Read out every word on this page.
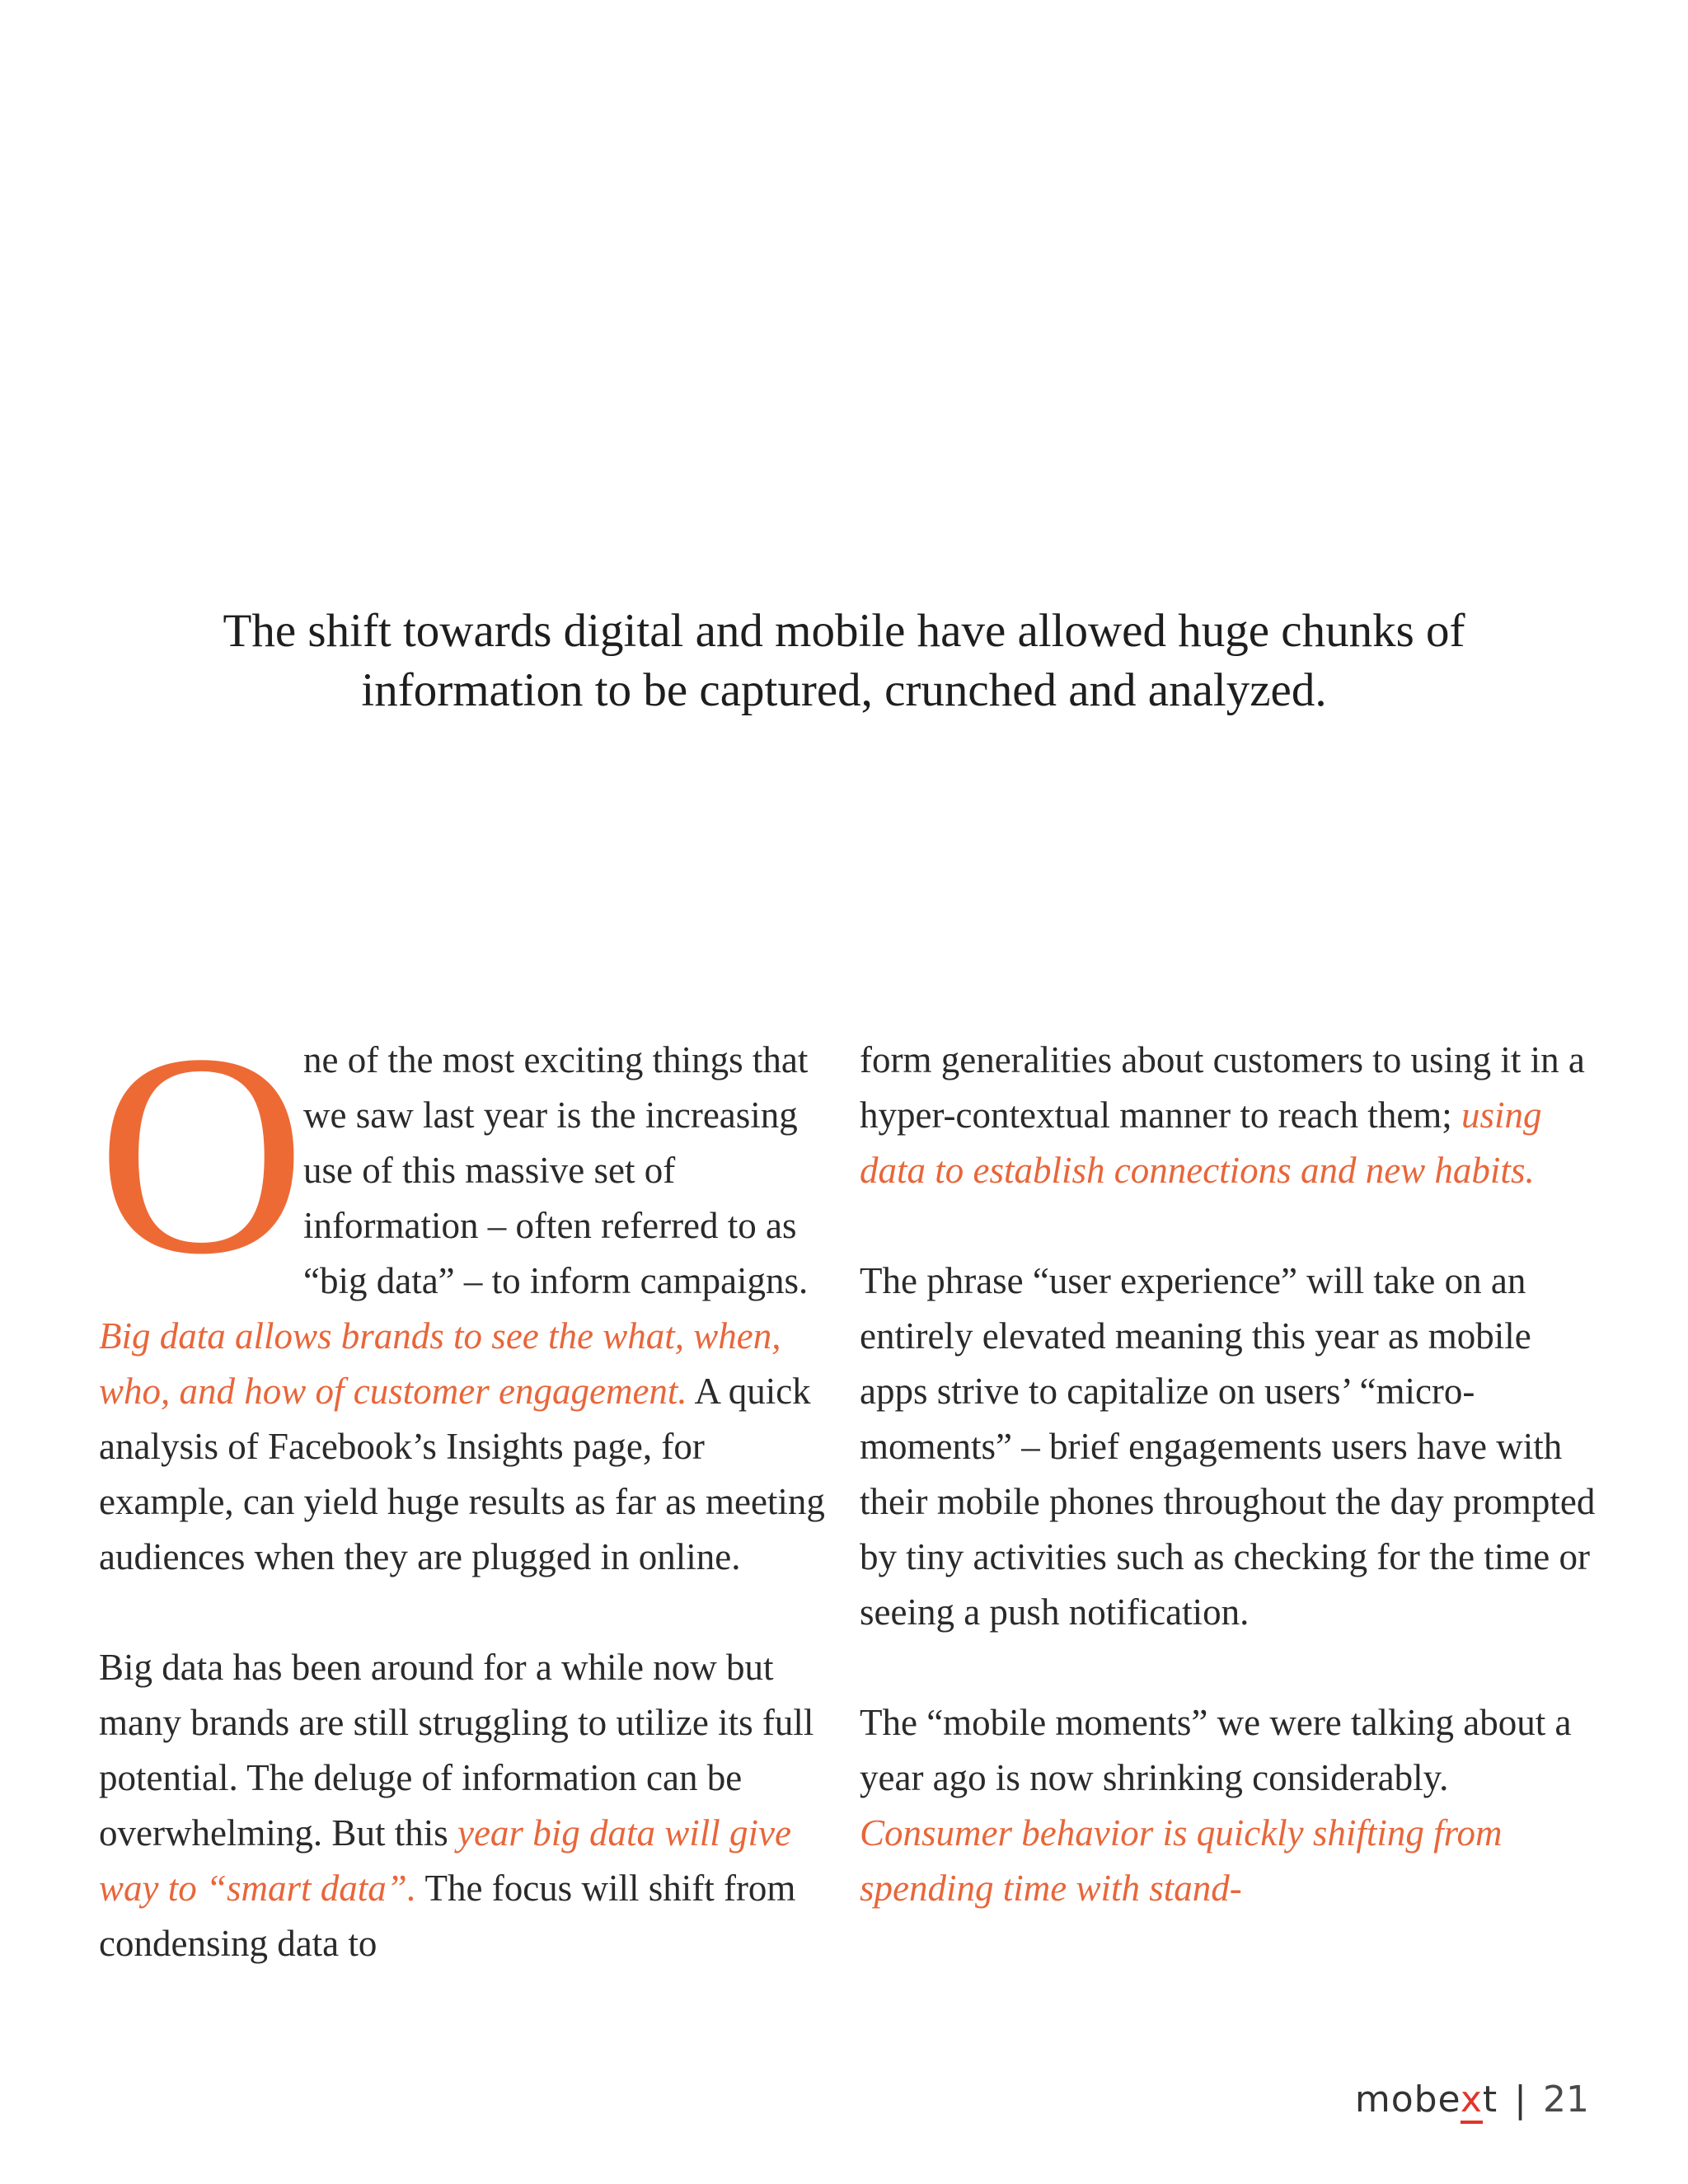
The shift towards digital and mobile have allowed huge chunks of
information to be captured, crunched and analyzed.

O
ne of the most exciting things that we saw last year is the increasing use of this massive set of information – often referred to as “big data” – to inform campaigns. Big data allows brands to see the what, when, who, and how of customer engagement. A quick analysis of Facebook’s Insights page, for example, can yield huge results as far as meeting audiences when they are plugged in online.

Big data has been around for a while now but many brands are still struggling to utilize its full potential. The deluge of information can be overwhelming. But this year big data will give way to “smart data”. The focus will shift from condensing data to

form generalities about customers to using it in a hyper-contextual manner to reach them; using data to establish connections and new habits.

The phrase “user experience” will take on an entirely elevated meaning this year as mobile apps strive to capitalize on users’ “micro-moments” – brief engagements users have with their mobile phones throughout the day prompted by tiny activities such as checking for the time or seeing a push notification.

The “mobile moments” we were talking about a year ago is now shrinking considerably. Consumer behavior is quickly shifting from spending time with stand-

mobext | 21
